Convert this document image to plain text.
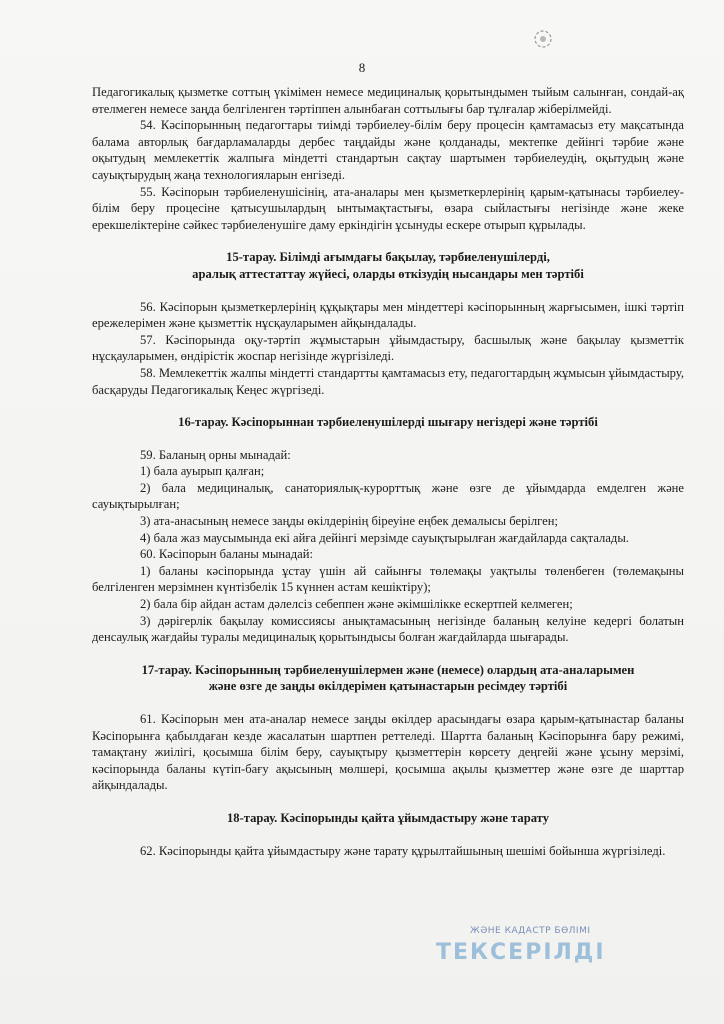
8

Педагогикалық қызметке соттың үкімімен немесе медициналық қорытындымен тыйым салынған, сондай-ақ өтелмеген немесе заңда белгіленген тәртіппен алынбаған соттылығы бар тұлғалар жіберілмейді.

54. Кәсіпорынның педагогтары тиімді тәрбиелеу-білім беру процесін қамтамасыз ету мақсатында балама авторлық бағдарламаларды дербес таңдайды және қолданады, мектепке дейінгі тәрбие және оқытудың мемлекеттік жалпыға міндетті стандартын сақтау шартымен тәрбиелеудің, оқытудың және сауықтырудың жаңа технологияларын енгізеді.

55. Кәсіпорын тәрбиеленушісінің, ата-аналары мен қызметкерлерінің қарым-қатынасы тәрбиелеу-білім беру процесіне қатысушылардың ынтымақтастығы, өзара сыйластығы негізінде және жеке ерекшеліктеріне сәйкес тәрбиеленушіге даму еркіндігін ұсынуды ескере отырып құрылады.

15-тарау. Білімді ағымдағы бақылау, тәрбиеленушілерді,

аралық аттестаттау жүйесі, оларды өткізудің нысандары мен тәртібі

56. Кәсіпорын қызметкерлерінің құқықтары мен міндеттері кәсіпорынның жарғысымен, ішкі тәртіп ережелерімен және қызметтік нұсқауларымен айқындалады.

57. Кәсіпорында оқу-тәртіп жұмыстарын ұйымдастыру, басшылық және бақылау қызметтік нұсқауларымен, өндірістік жоспар негізінде жүргізіледі.

58. Мемлекеттік жалпы міндетті стандартты қамтамасыз ету, педагогтардың жұмысын ұйымдастыру, басқаруды Педагогикалық Кеңес жүргізеді.

16-тарау. Кәсіпорыннан тәрбиеленушілерді шығару негіздері және тәртібі

59. Баланың орны мынадай:

1) бала ауырып қалған;

2) бала медициналық, санаториялық-курорттық және өзге де ұйымдарда емделген және сауықтырылған;

3) ата-анасының немесе заңды өкілдерінің біреуіне еңбек демалысы берілген;

4) бала жаз маусымында екі айға дейінгі мерзімде сауықтырылған жағдайларда сақталады.

60. Кәсіпорын баланы мынадай:

1) баланы кәсіпорында ұстау үшін ай сайынғы төлемақы уақтылы төленбеген (төлемақыны белгіленген мерзімнен күнтізбелік 15 күннен астам кешіктіру);

2) бала бір айдан астам дәлелсіз себеппен және әкімшілікке ескертпей келмеген;

3) дәрігерлік бақылау комиссиясы анықтамасының негізінде баланың келуіне кедергі болатын денсаулық жағдайы туралы медициналық қорытындысы болған жағдайларда шығарады.

17-тарау. Кәсіпорынның тәрбиеленушілермен және (немесе) олардың ата-аналарымен

және өзге де заңды өкілдерімен қатынастарын ресімдеу тәртібі

61. Кәсіпорын мен ата-аналар немесе заңды өкілдер арасындағы өзара қарым-қатынастар баланы Кәсіпорынға қабылдаған кезде жасалатын шартпен реттеледі. Шартта баланың Кәсіпорынға бару режимі, тамақтану жиілігі, қосымша білім беру, сауықтыру қызметтерін көрсету деңгейі және ұсыну мерзімі, кәсіпорында баланы күтіп-бағу ақысының мөлшері, қосымша ақылы қызметтер және өзге де шарттар айқындалады.

18-тарау. Кәсіпорынды қайта ұйымдастыру және тарату

62. Кәсіпорынды қайта ұйымдастыру және тарату құрылтайшының шешімі бойынша жүргізіледі.

ЖӘНЕ КАДАСТР БӨЛІМІ
ТЕКСЕРІЛДІ
